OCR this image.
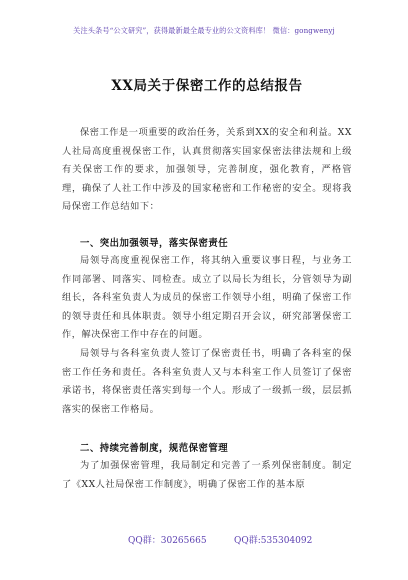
关注头条号“公文研究”，获得最新最全最专业的公文资料库！ 微信：gongwenyj
XX局关于保密工作的总结报告

保密工作是一项重要的政治任务，关系到XX的安全和利益。XX人社局高度重视保密工作，认真贯彻落实国家保密法律法规和上级有关保密工作的要求，加强领导，完善制度，强化教育，严格管理，确保了人社工作中涉及的国家秘密和工作秘密的安全。现将我局保密工作总结如下：

一、突出加强领导，落实保密责任

局领导高度重视保密工作，将其纳入重要议事日程，与业务工作同部署、同落实、同检查。成立了以局长为组长，分管领导为副组长，各科室负责人为成员的保密工作领导小组，明确了保密工作的领导责任和具体职责。领导小组定期召开会议，研究部署保密工作，解决保密工作中存在的问题。

局领导与各科室负责人签订了保密责任书，明确了各科室的保密工作任务和责任。各科室负责人又与本科室工作人员签订了保密承诺书，将保密责任落实到每一个人。形成了一级抓一级，层层抓落实的保密工作格局。

二、持续完善制度，规范保密管理

为了加强保密管理，我局制定和完善了一系列保密制度。制定了《XX人社局保密工作制度》，明确了保密工作的基本原

QQ群：30265665	QQ群:535304092
